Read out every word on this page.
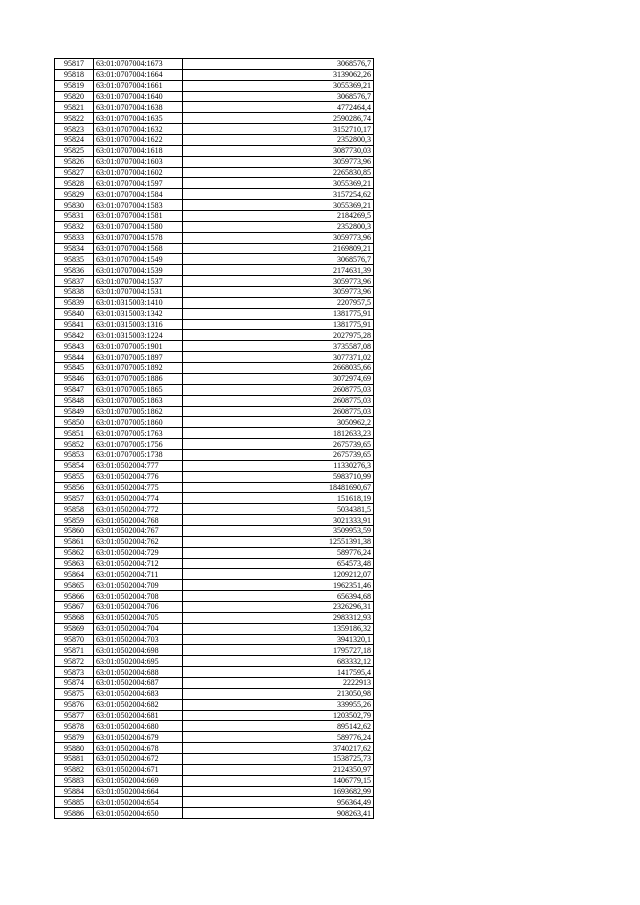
95817	63:01:0707004:1673	3068576,7
95818	63:01:0707004:1664	3139062,26
95819	63:01:0707004:1661	3055369,21
95820	63:01:0707004:1640	3068576,7
95821	63:01:0707004:1638	4772464,4
95822	63:01:0707004:1635	2590286,74
95823	63:01:0707004:1632	3152710,17
95824	63:01:0707004:1622	2352800,3
95825	63:01:0707004:1618	3087730,03
95826	63:01:0707004:1603	3059773,96
95827	63:01:0707004:1602	2265830,85
95828	63:01:0707004:1597	3055369,21
95829	63:01:0707004:1584	3157254,62
95830	63:01:0707004:1583	3055369,21
95831	63:01:0707004:1581	2184269,5
95832	63:01:0707004:1580	2352800,3
95833	63:01:0707004:1578	3059773,96
95834	63:01:0707004:1568	2169809,21
95835	63:01:0707004:1549	3068576,7
95836	63:01:0707004:1539	2174631,39
95837	63:01:0707004:1537	3059773,96
95838	63:01:0707004:1531	3059773,96
95839	63:01:0315003:1410	2207957,5
95840	63:01:0315003:1342	1381775,91
95841	63:01:0315003:1316	1381775,91
95842	63:01:0315003:1224	2027975,28
95843	63:01:0707005:1901	3735587,08
95844	63:01:0707005:1897	3077371,02
95845	63:01:0707005:1892	2668035,66
95846	63:01:0707005:1886	3072974,69
95847	63:01:0707005:1865	2608775,03
95848	63:01:0707005:1863	2608775,03
95849	63:01:0707005:1862	2608775,03
95850	63:01:0707005:1860	3050962,2
95851	63:01:0707005:1763	1812633,23
95852	63:01:0707005:1756	2675739,65
95853	63:01:0707005:1738	2675739,65
95854	63:01:0502004:777	11330276,3
95855	63:01:0502004:776	5983710,99
95856	63:01:0502004:775	18481690,67
95857	63:01:0502004:774	151618,19
95858	63:01:0502004:772	5034381,5
95859	63:01:0502004:768	3021333,91
95860	63:01:0502004:767	3509953,59
95861	63:01:0502004:762	12551391,38
95862	63:01:0502004:729	589776,24
95863	63:01:0502004:712	654573,48
95864	63:01:0502004:711	1209212,07
95865	63:01:0502004:709	1962351,46
95866	63:01:0502004:708	656394,68
95867	63:01:0502004:706	2326296,31
95868	63:01:0502004:705	2983312,93
95869	63:01:0502004:704	1359186,32
95870	63:01:0502004:703	3941320,1
95871	63:01:0502004:698	1795727,18
95872	63:01:0502004:695	683332,12
95873	63:01:0502004:688	1417595,4
95874	63:01:0502004:687	2222913
95875	63:01:0502004:683	213050,98
95876	63:01:0502004:682	339955,26
95877	63:01:0502004:681	1203502,79
95878	63:01:0502004:680	895142,62
95879	63:01:0502004:679	589776,24
95880	63:01:0502004:678	3740217,62
95881	63:01:0502004:672	1538725,73
95882	63:01:0502004:671	2124350,97
95883	63:01:0502004:669	1406779,15
95884	63:01:0502004:664	1693682,99
95885	63:01:0502004:654	956364,49
95886	63:01:0502004:650	908263,41
